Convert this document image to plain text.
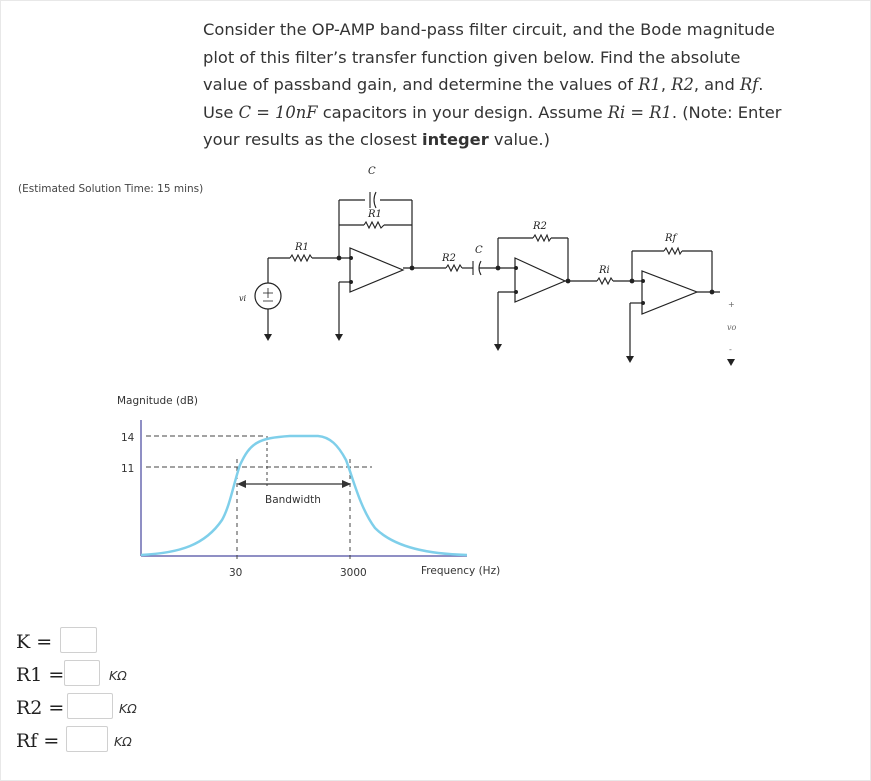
Consider the OP-AMP band-pass filter circuit, and the Bode magnitude
plot of this filter’s transfer function given below. Find the absolute
value of passband gain, and determine the values of R1, R2, and Rf.
Use C = 10nF capacitors in your design. Assume Ri = R1. (Note: Enter
your results as the closest integer value.)
(Estimated Solution Time: 15 mins)
C
R1
R1
R2
C
R2
Ri
Rf
vi
+
vo
-
Magnitude (dB)
14
11
Bandwidth
30	3000	Frequency (Hz)
K =
R1 =	KΩ
R2 =	KΩ
Rf =	KΩ
